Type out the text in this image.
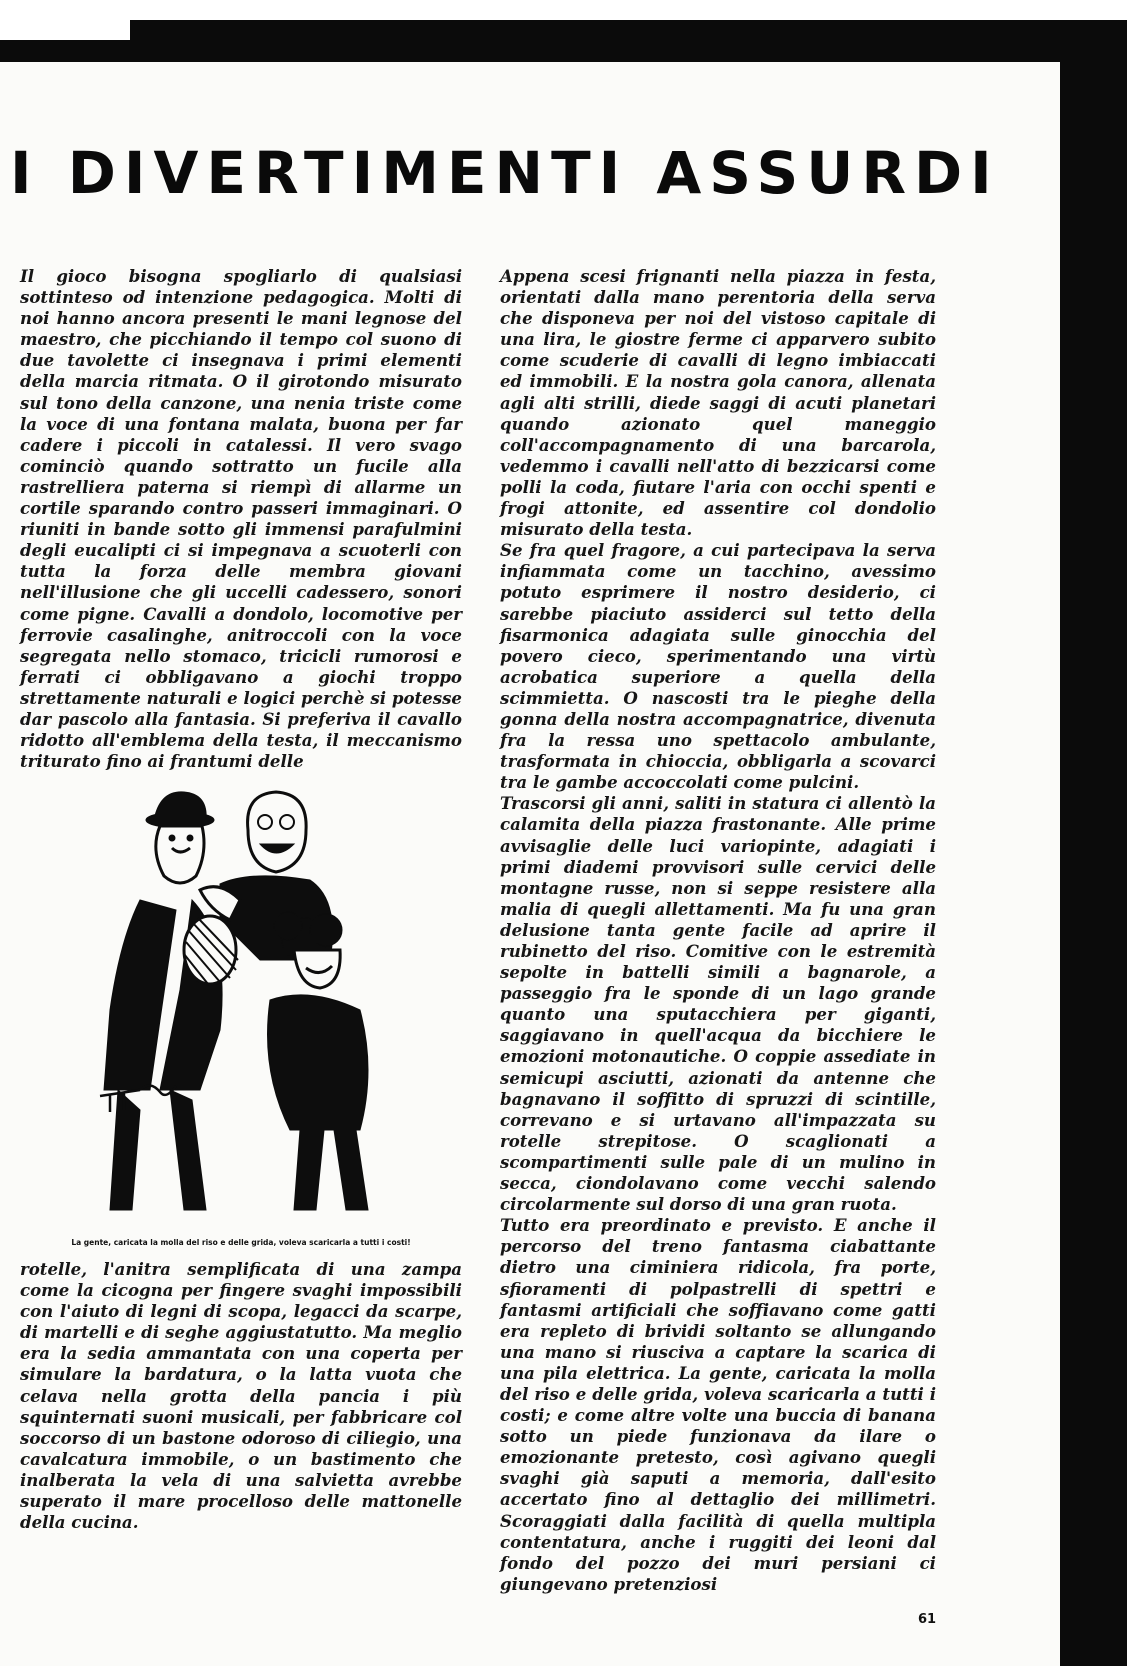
I DIVERTIMENTI ASSURDI

Il gioco bisogna spogliarlo di qualsiasi sottinteso od intenzione pedagogica. Molti di noi hanno ancora presenti le mani legnose del maestro, che picchiando il tempo col suono di due tavolette ci insegnava i primi elementi della marcia ritmata. O il girotondo misurato sul tono della canzone, una nenia triste come la voce di una fontana malata, buona per far cadere i piccoli in catalessi. Il vero svago cominciò quando sottratto un fucile alla rastrelliera paterna si riempì di allarme un cortile sparando contro passeri immaginari. O riuniti in bande sotto gli immensi parafulmini degli eucalipti ci si impegnava a scuoterli con tutta la forza delle membra giovani nell'illusione che gli uccelli cadessero, sonori come pigne. Cavalli a dondolo, locomotive per ferrovie casalinghe, anitroccoli con la voce segregata nello stomaco, tricicli rumorosi e ferrati ci obbligavano a giochi troppo strettamente naturali e logici perchè si potesse dar pascolo alla fantasia. Si preferiva il cavallo ridotto all'emblema della testa, il meccanismo triturato fino ai frantumi delle

La gente, caricata la molla del riso e delle grida, voleva scaricarla a tutti i costi!

rotelle, l'anitra semplificata di una zampa come la cicogna per fingere svaghi impossibili con l'aiuto di legni di scopa, legacci da scarpe, di martelli e di seghe aggiustatutto. Ma meglio era la sedia ammantata con una coperta per simulare la bardatura, o la latta vuota che celava nella grotta della pancia i più squinternati suoni musicali, per fabbricare col soccorso di un bastone odoroso di ciliegio, una cavalcatura immobile, o un bastimento che inalberata la vela di una salvietta avrebbe superato il mare procelloso delle mattonelle della cucina.

Appena scesi frignanti nella piazza in festa, orientati dalla mano perentoria della serva che disponeva per noi del vistoso capitale di una lira, le giostre ferme ci apparvero subito come scuderie di cavalli di legno imbiaccati ed immobili. E la nostra gola canora, allenata agli alti strilli, diede saggi di acuti planetari quando azionato quel maneggio coll'accompagnamento di una barcarola, vedemmo i cavalli nell'atto di bezzicarsi come polli la coda, fiutare l'aria con occhi spenti e frogi attonite, ed assentire col dondolio misurato della testa.

Se fra quel fragore, a cui partecipava la serva infiammata come un tacchino, avessimo potuto esprimere il nostro desiderio, ci sarebbe piaciuto assiderci sul tetto della fisarmonica adagiata sulle ginocchia del povero cieco, sperimentando una virtù acrobatica superiore a quella della scimmietta. O nascosti tra le pieghe della gonna della nostra accompagnatrice, divenuta fra la ressa uno spettacolo ambulante, trasformata in chioccia, obbligarla a scovarci tra le gambe accoccolati come pulcini.

Trascorsi gli anni, saliti in statura ci allentò la calamita della piazza frastonante. Alle prime avvisaglie delle luci variopinte, adagiati i primi diademi provvisori sulle cervici delle montagne russe, non si seppe resistere alla malia di quegli allettamenti. Ma fu una gran delusione tanta gente facile ad aprire il rubinetto del riso. Comitive con le estremità sepolte in battelli simili a bagnarole, a passeggio fra le sponde di un lago grande quanto una sputacchiera per giganti, saggiavano in quell'acqua da bicchiere le emozioni motonautiche. O coppie assediate in semicupi asciutti, azionati da antenne che bagnavano il soffitto di spruzzi di scintille, correvano e si urtavano all'impazzata su rotelle strepitose. O scaglionati a scompartimenti sulle pale di un mulino in secca, ciondolavano come vecchi salendo circolarmente sul dorso di una gran ruota.

Tutto era preordinato e previsto. E anche il percorso del treno fantasma ciabattante dietro una ciminiera ridicola, fra porte, sfioramenti di polpastrelli di spettri e fantasmi artificiali che soffiavano come gatti era repleto di brividi soltanto se allungando una mano si riusciva a captare la scarica di una pila elettrica. La gente, caricata la molla del riso e delle grida, voleva scaricarla a tutti i costi; e come altre volte una buccia di banana sotto un piede funzionava da ilare o emozionante pretesto, così agivano quegli svaghi già saputi a memoria, dall'esito accertato fino al dettaglio dei millimetri. Scoraggiati dalla facilità di quella multipla contentatura, anche i ruggiti dei leoni dal fondo del pozzo dei muri persiani ci giungevano pretenziosi

61
